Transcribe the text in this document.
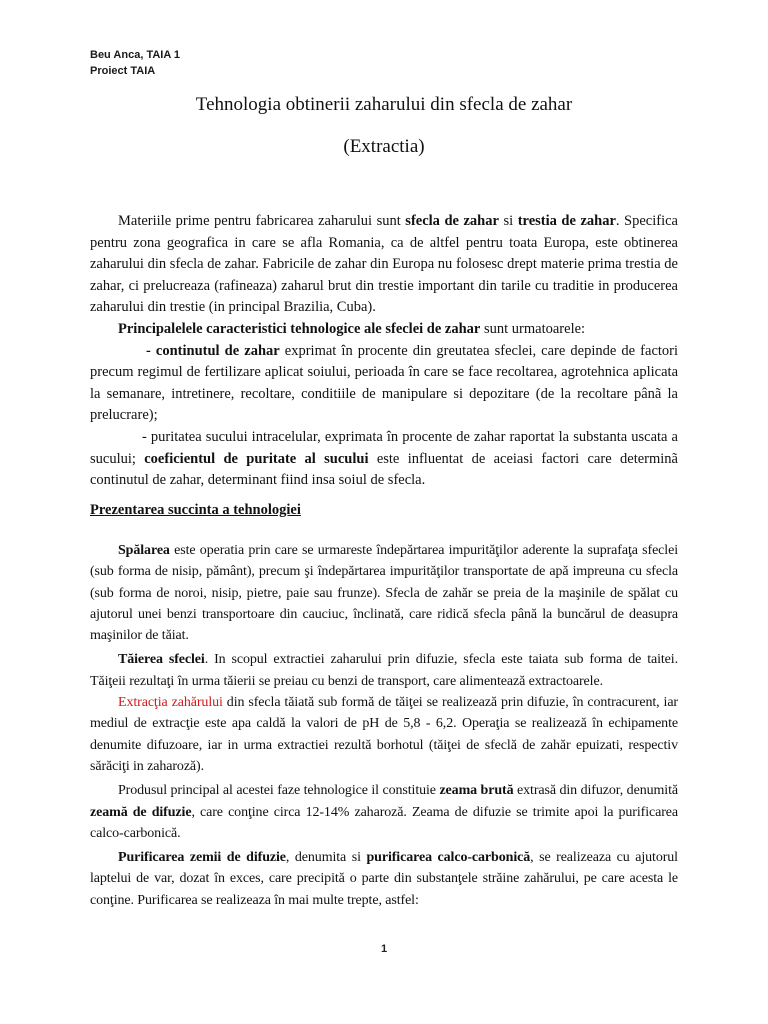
Beu Anca, TAIA 1
Proiect TAIA
Tehnologia obtinerii zaharului din sfecla de zahar
(Extractia)

Materiile prime pentru fabricarea zaharului sunt sfecla de zahar si trestia de zahar. Specifica pentru zona geografica in care se afla Romania, ca de altfel pentru toata Europa, este obtinerea zaharului din sfecla de zahar. Fabricile de zahar din Europa nu folosesc drept materie prima trestia de zahar, ci prelucreaza (rafineaza) zaharul brut din trestie important din tarile cu traditie in producerea zaharului din trestie (in principal Brazilia, Cuba).

Principalelele caracteristici tehnologice ale sfeclei de zahar sunt urmatoarele:

- continutul de zahar exprimat în procente din greutatea sfeclei, care depinde de factori precum regimul de fertilizare aplicat soiului, perioada în care se face recoltarea, agrotehnica aplicata la semanare, intretinere, recoltare, conditiile de manipulare si depozitare (de la recoltare pânã la prelucrare);

- puritatea sucului intracelular, exprimata în procente de zahar raportat la substanta uscata a sucului; coeficientul de puritate al sucului este influentat de aceiasi factori care determinã continutul de zahar, determinant fiind insa soiul de sfecla.

Prezentarea succinta a tehnologiei

Spălarea este operatia prin care se urmareste îndepărtarea impurităţilor aderente la suprafaţa sfeclei (sub forma de nisip, pământ), precum şi îndepărtarea impurităţilor transportate de apă impreuna cu sfecla (sub forma de noroi, nisip, pietre, paie sau frunze). Sfecla de zahăr se preia de la maşinile de spălat cu ajutorul unei benzi transportoare din cauciuc, înclinată, care ridică sfecla până la buncărul de deasupra maşinilor de tăiat.

Tăierea sfeclei. In scopul extractiei zaharului prin difuzie, sfecla este taiata sub forma de taitei. Tăiţeii rezultaţi în urma tăierii se preiau cu benzi de transport, care alimentează extractoarele.

Extracţia zahărului din sfecla tăiată sub formă de tăiţei se realizează prin difuzie, în contracurent, iar mediul de extracţie este apa caldă la valori de pH de 5,8 - 6,2. Operaţia se realizează în echipamente denumite difuzoare, iar in urma extractiei rezultă borhotul (tăiţei de sfeclă de zahăr epuizati, respectiv sărăciţi in zaharoză).

Produsul principal al acestei faze tehnologice il constituie zeama brută extrasă din difuzor, denumită zeamă de difuzie, care conţine circa 12-14% zaharoză. Zeama de difuzie se trimite apoi la purificarea calco-carbonică.

Purificarea zemii de difuzie, denumita si purificarea calco-carbonică, se realizeaza cu ajutorul laptelui de var, dozat în exces, care precipită o parte din substanţele străine zahărului, pe care acesta le conţine. Purificarea se realizeaza în mai multe trepte, astfel:

1
